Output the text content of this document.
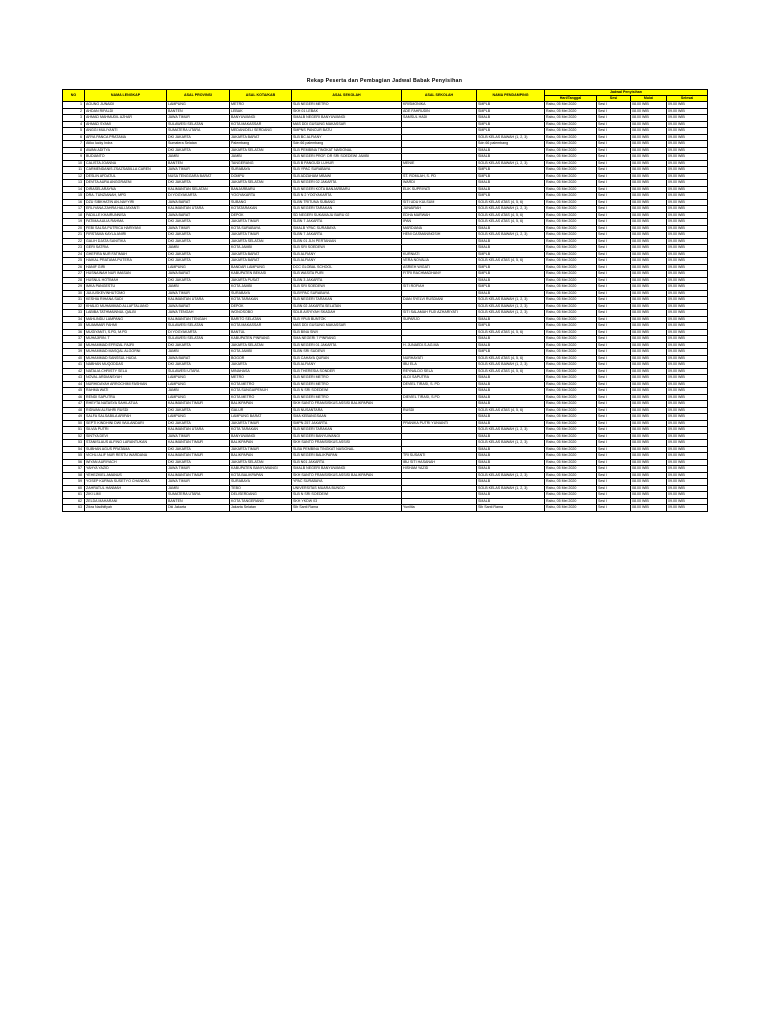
Rekap Peserta dan Pembagian Jadwal Babak Penyisihan
NO	NAMA LENGKAP	ASAL PROVINSI	ASAL KOTA/KAB	ASAL SEKOLAH	ASAL SEKOLAH	NAMA PENDAMPING	Jadwal Penyisihan			
							Hari/Tanggal	Sesi	Mulai	Selesai
1	AGUNG JUNAIDI	LAMPUNG	METRO	SLB NEGERI METRO	KRISMONIKA	SMPLB	Rabu, 05 Mei 2020	Sesi I	08.00 WIB	09.00 WIB
2	AHDAN RIFALDI	BANTEN	LEBAK	SKH 01 LEBAK	ADE FAHRUDIN	SMPLB	Rabu, 05 Mei 2020	Sesi I	08.00 WIB	09.00 WIB
3	AHMAD MAHMUDIL AZHAR	JAWA TIMUR	BANYUWANGI	SMALB NEGERI BANYUWANGI	SAMSUL HADI	SMALB	Rabu, 05 Mei 2020	Sesi I	08.00 WIB	09.00 WIB
4	AHMAD SYAMI	SULAWESI SELATAN	KOTA MAKASSAR	MAS DDI GUSUNG MAKASSAR		SMPLB	Rabu, 05 Mei 2020	Sesi I	08.00 WIB	09.00 WIB
5	ANGGI MULIYANTI	SUMATERA UTARA	MEDAN/DELI SERDANG	SMPNS PANCUR BATU		SMPLB	Rabu, 05 Mei 2020	Sesi I	08.00 WIB	09.00 WIB
6	ARYA PANCA PRATAMA	DKI JAKARTA	JAKARTA BARAT	SLB BC ALFIANY		SOLB KELAS BAWAH (1, 2, 3)	Rabu, 05 Mei 2020	Sesi I	08.00 WIB	09.00 WIB
7	Atiko lucky Indra	Sumatera Selatan	Palembang	Sdn 66 palembang		Sdn 66 palembang	Rabu, 05 Mei 2020	Sesi I	08.00 WIB	09.00 WIB
8	AWAN ADITYA	DKI JAKARTA	JAKARTA SELATAN	SLB PEMBINA TINGKAT NASIONAL		SMALB	Rabu, 05 Mei 2020	Sesi I	08.00 WIB	09.00 WIB
9	BUDIANTO	JAMBI	JAMBI	SLB NEGERI PROF. DR SRI SOEDEWI JAMBI		SMALB	Rabu, 05 Mei 2020	Sesi I	08.00 WIB	09.00 WIB
10	CALISTA JOANNA	BANTEN	TANGERANG	SLB B PANGUDI LUHUR	MENIE	SOLB KELAS BAWAH (1, 2, 3)	Rabu, 05 Mei 2020	Sesi I	08.00 WIB	09.00 WIB
11	CARMENDANIS ZSAZSABILLA CAREN	JAWA TIMUR	SURABAYA	SLB YPAC SURABAYA		SMPLB	Rabu, 05 Mei 2020	Sesi I	08.00 WIB	09.00 WIB
12	DESLIN AFDATUL	NUSA TENGGARA BARAT	DOMPU	SLB ADZAHAM MBAWI	ST. ROMLAH, S. PD	SMPLB	Rabu, 05 Mei 2020	Sesi I	08.00 WIB	09.00 WIB
13	DEVITA AURA ANGGRAENI	DKI JAKARTA	JAKARTA SELATAN	SLB NEGERI 02 JAKARTA	WARDI	SMALB	Rabu, 05 Mei 2020	Sesi I	08.00 WIB	09.00 WIB
14	DIRASELARAYNA	KALIMANTAN SELATAN	BANJARBARU	SLB NEGERI KOTA BANJARBARU	ELIK SUPRIYATI	SMALB	Rabu, 05 Mei 2020	Sesi I	08.00 WIB	09.00 WIB
15	DRA. TUNZIANAH, MPD	DI YOGYAKARTA	YOGYAKARTA	SLB N 2 YOGYAKARTA		SMPLB	Rabu, 05 Mei 2020	Sesi I	08.00 WIB	09.00 WIB
16	DZU SIBKHATIN AN-NAYYIRI	JAWA BARAT	SUBANG	SLBN TRITUNA SUBANG	SITI UDU KULSUM	SOLB KELAS ATAS (4, 5, 6)	Rabu, 05 Mei 2020	Sesi I	08.00 WIB	09.00 WIB
17	ERLIYANA ZAHRA HALIJAYANTI	KALIMANTAN UTARA	KOTATARAKAN	SLB NEGERI TARAKAN	JUNAIRAH	SOLB KELAS BAWAH (1, 2, 3)	Rabu, 05 Mei 2020	Sesi I	08.00 WIB	09.00 WIB
18	FADILLE KHAIRUNNISA	JAWA BARAT	DEPOK	SD NEGERI SUKAMAJU BARU 02	EDHA MARWAH	SOLB KELAS ATAS (4, 5, 6)	Rabu, 05 Mei 2020	Sesi I	08.00 WIB	09.00 WIB
19	FATIMA AULIA RAHMA	DKI JAKARTA	JAKARTA TIMUR	SLBN 7 JAKARTA	IPAN	SOLB KELAS ATAS (4, 5, 6)	Rabu, 05 Mei 2020	Sesi I	08.00 WIB	09.00 WIB
20	FEBI SALSA PUTRICA HARIYANI	JAWA TIMUR	KOTA SURABAYA	SMALB YPAC SURABAYA	MARDIANA	SMALB	Rabu, 05 Mei 2020	Sesi I	08.00 WIB	09.00 WIB
21	FIRSTAMA KAYLA ANIRI	DKI JAKARTA	JAKARTA TIMUR	SLBN 7 JAKARTA	HENI CASMANINGSIH	SOLB KELAS BAWAH (1, 2, 3)	Rabu, 05 Mei 2020	Sesi I	08.00 WIB	09.00 WIB
22	GALIH DJATA SANITIKA	DKI JAKARTA	JAKARTA SELATAN	SLBN 01 JLN PERTANIAN		SMALB	Rabu, 05 Mei 2020	Sesi I	08.00 WIB	09.00 WIB
23	GERI SATRIA	JAMBI	KOTA JAMBI	SLB SRI SOEDEWI		SMALB	Rabu, 05 Mei 2020	Sesi I	08.00 WIB	09.00 WIB
24	GHEFIRA NUR FATIMAH	DKI JAKARTA	JAKARTA BARAT	SLB ALFIANY	KURNIATI	SMPLB	Rabu, 05 Mei 2020	Sesi I	08.00 WIB	09.00 WIB
25	HAIKAL PRATAMA PUTERA	DKI JAKARTA	JAKARTA BARAT	SLB ALFIANY	VERA NOVALIA	SOLB KELAS ATAS (4, 5, 6)	Rabu, 05 Mei 2020	Sesi I	08.00 WIB	09.00 WIB
26	HANIF GIRI	LAMPUNG	BANDAR LAMPUNG	DCC GLOBAL SCHOOL	ASRIEH WIGATI	SMPLB	Rabu, 05 Mei 2020	Sesi I	08.00 WIB	09.00 WIB
27	HUSNAINAH NUR IMASAN	JAWA BARAT	KABUPATEN BEKASI	SLB WASITA PURI	FITRI RACHMADHANY	SMPLB	Rabu, 05 Mei 2020	Sesi I	08.00 WIB	09.00 WIB
28	HUSNUL HOTIMAH	DKI JAKARTA	JAKARTA PUSAT	SLBN 3 JAKARTA		SMALB	Rabu, 05 Mei 2020	Sesi I	08.00 WIB	09.00 WIB
29	IMKA PANGESTU	JAMBI	KOTA JAMBI	SLB SRI SOEDEWI	SITI ROFIAH	SMPLB	Rabu, 05 Mei 2020	Sesi I	08.00 WIB	09.00 WIB
30	JULIUSKEVINHUTOMO	JAWA TIMUR	SURABAYA	SLBYPAC SURABAYA		SMALB	Rabu, 05 Mei 2020	Sesi I	08.00 WIB	09.00 WIB
31	KESHIA RIHANA SADI	KALIMANTAN UTARA	KOTA TARAKAN	SLB NEGERI TARAKAN	DIAN SYELVI RUSDIANI	SOLB KELAS BAWAH (1, 2, 3)	Rabu, 05 Mei 2020	Sesi I	08.00 WIB	09.00 WIB
32	KHALID MUHAMMAD ALLAFTALIANO	JAWA BARAT	DEPOK	SLBN 02 JAKARTA SELATAN		SOLB KELAS BAWAH (1, 2, 3)	Rabu, 05 Mei 2020	Sesi I	08.00 WIB	09.00 WIB
33	LABIBA TATHMAINNUL QALBI	JAWA TENGAH	WONOSOBO	SDLB AISYIYAH SKADAH	SITI SALAMAH FUJI AZHARIYATI	SOLB KELAS BAWAH (1, 2, 3)	Rabu, 05 Mei 2020	Sesi I	08.00 WIB	09.00 WIB
34	MAHLINDU LAMPANG	KALIMANTAN TENGAH	BARITO SELATAN	SLB YPLB BUNTOK	SUPARJO	SMALB	Rabu, 05 Mei 2020	Sesi I	08.00 WIB	09.00 WIB
35	MUAMMAR FAHMI	SULAWESI SELATAN	KOTA MAKASSAR	MAS DDI GUSUNG MAKASSAR		SMPLB	Rabu, 05 Mei 2020	Sesi I	08.00 WIB	09.00 WIB
36	MUGIYANTI, S.PD, M.PD	DI YOGYAKARTA	BANTUL	SLB BINA SIWI		SOLB KELAS ATAS (4, 5, 6)	Rabu, 05 Mei 2020	Sesi I	08.00 WIB	09.00 WIB
37	MUHAJIRIN. T	SULAWESI SELATAN	KABUPATEN PINRANG	SMA NEGERI 7 PINRANG		SMALB	Rabu, 05 Mei 2020	Sesi I	08.00 WIB	09.00 WIB
38	MUHAMMAD EFRIZAL FAJRI	DKI JAKARTA	JAKARTA SELATAN	SLB NEGERI 01 JAKARTA	H. JUNAEDI.S.AG.MA	SMALB	Rabu, 05 Mei 2020	Sesi I	08.00 WIB	09.00 WIB
39	MUHAMMAD MASQAL ALGORNI	JAMBI	KOTA JAMBI	SLBN SRI SUDEWI		SMPLB	Rabu, 05 Mei 2020	Sesi I	08.00 WIB	09.00 WIB
40	MUHAMMAD SANSSUL HUDA	JAWA BARAT	BOGOR	SLB CAHAYA QURAN	NURHAYATI	SOLB KELAS ATAS (4, 5, 6)	Rabu, 05 Mei 2020	Sesi I	08.00 WIB	09.00 WIB
41	NABHAN MUQODDAS	DKI JAKARTA	JAKARTA	SLB ALFIANY	IBU ELA	SOLB KELAS BAWAH (1, 2, 3)	Rabu, 05 Mei 2020	Sesi I	08.00 WIB	09.00 WIB
42	NATALIA CHRISTY SELA	SULAWESI UTARA	MINAHASA	SLB THERESIA SONDER	REYNALDO SELA	SOLB KELAS ATAS (4, 5, 6)	Rabu, 05 Mei 2020	Sesi I	08.00 WIB	09.00 WIB
43	NOVAL ARDIANSYAH	LAMPUNG	METRO	SLB NEGERI METRO	ALDI SAPUTRA	SMALB	Rabu, 05 Mei 2020	Sesi I	08.00 WIB	09.00 WIB
44	NURHIDAYAH ARROCHIMI FASHIAN	LAMPUNG	KOTA METRO	SLB NEGERI METRO	DEVIEL TIRASI, S. PD	SMALB	Rabu, 05 Mei 2020	Sesi I	08.00 WIB	09.00 WIB
45	RAHMA WATI	JAMBI	KOTA SUNGAIPENUH	SLB N SRI SOEDEWI		SMALB	Rabu, 05 Mei 2020	Sesi I	08.00 WIB	09.00 WIB
46	RENDI SAPUTRA	LAMPUNG	KOTA METRO	SLB NEGERI METRO	DIEVIEL TIRASI, S.PD	SMALB	Rabu, 05 Mei 2020	Sesi I	08.00 WIB	09.00 WIB
47	RHEYTA NATASYA SAHILATUA	KALIMANTAN TIMUR	BALIKPAPAN	SKH SANTO FRANSISKUS ASSISI BALIKPAPAN		SMALB	Rabu, 05 Mei 2020	Sesi I	08.00 WIB	09.00 WIB
48	RIDWAN ALFAHRI RUSDI	DKI JAKARTA	GALUR	SLB NUSANTARA	RUSDI	SOLB KELAS ATAS (4, 5, 6)	Rabu, 05 Mei 2020	Sesi I	08.00 WIB	09.00 WIB
49	SALFA SALSABILA ARIFAH	LAMPUNG	LAMPUNG BARAT	SMA KEBANGSAAN		SMALB	Rabu, 05 Mei 2020	Sesi I	08.00 WIB	09.00 WIB
50	SEPTI KINDHINI DWI WULANDARI	DKI JAKARTA	JAKARTA TIMUR	SMPN 257 JAKARTA	PRANIKA PUTRI YUNIANTI	SMALB	Rabu, 05 Mei 2020	Sesi I	08.00 WIB	09.00 WIB
51	SILVIA PUTRI	KALIMANTAN UTARA	KOTA TARAKAN	SLB NEGERI TARAKAN		SOLB KELAS BAWAH (1, 2, 3)	Rabu, 05 Mei 2020	Sesi I	08.00 WIB	09.00 WIB
52	SINTYA DEVI	JAWA TIMUR	BANYUWANGI	SLB NEGERI BANYUWANGI		SMALB	Rabu, 05 Mei 2020	Sesi I	08.00 WIB	09.00 WIB
53	STANISLAUS ALFINO LARANTUKAN	KALIMANTAN TIMUR	BALIKPAPAN	SKH SANTO FRANSISKUS ASSISI		SOLB KELAS BAWAH (1, 2, 3)	Rabu, 05 Mei 2020	Sesi I	08.00 WIB	09.00 WIB
54	SUBHAN AGUS PRATAMA	DKI JAKARTA	JAKARTA TIMUR	SLBA PEMBINA TINGKAT NASIONAL		SMALB	Rabu, 05 Mei 2020	Sesi I	08.00 WIB	09.00 WIB
55	VICHLI ALIF NUR RESTU WARDANA	KALIMANTAN TIMUR	BALIKPAPAN	SLB NEGERI BALIKPAPAN	TRI SUSANTI	SMALB	Rabu, 05 Mei 2020	Sesi I	08.00 WIB	09.00 WIB
56	WIYAN AURIYACH	DKI JAKARTA	JAKARTA SELATAN	SLB N01 JAKARTA	IBU SITI HASANAH	SMALB	Rabu, 05 Mei 2020	Sesi I	08.00 WIB	09.00 WIB
57	YAHYA YAZID	JAWA TIMUR	KABUPATEN BANYUWANGI	SMALB NEGERI BANYUWANGI	HISHAM YAZID	SMALB	Rabu, 05 Mei 2020	Sesi I	08.00 WIB	09.00 WIB
58	YEHEZKIEL AMANUS	KALIMANTAN TIMUR	KOTA BALIKPAPAN	SKH SANTO FRANSISKUS ASSISI BALIKPAPAN		SOLB KELAS BAWAH (1, 2, 3)	Rabu, 05 Mei 2020	Sesi I	08.00 WIB	09.00 WIB
59	YOSEP KURNIA SUSETYO CHANDRA	JAWA TIMUR	SURABAYA	YPAC SURABAYA		SMALB	Rabu, 05 Mei 2020	Sesi I	08.00 WIB	09.00 WIB
60	ZAHRATUL HANMAH	JAMBI	TEBO	UNIVERSITAS MUARA BUNGO		SOLB KELAS BAWAH (1, 2, 3)	Rabu, 05 Mei 2020	Sesi I	08.00 WIB	09.00 WIB
61	ZIKI LIMI	SUMATERA UTARA	DELISERDANG	SLB N SRI SOEDEWI		SMALB	Rabu, 05 Mei 2020	Sesi I	08.00 WIB	09.00 WIB
62	ZELDA MAHARANI	BANTEN	KOTA TANGERANG	SKH YKDW 03		SMALB	Rabu, 05 Mei 2020	Sesi I	08.00 WIB	09.00 WIB
63	Zikra Nadhifiyah	Dki Jakarta	Jakarta Selatan	Slb Santi Rama	Yuniltia	Slb Santi Rama	Rabu, 05 Mei 2020	Sesi I	08.00 WIB	09.00 WIB
